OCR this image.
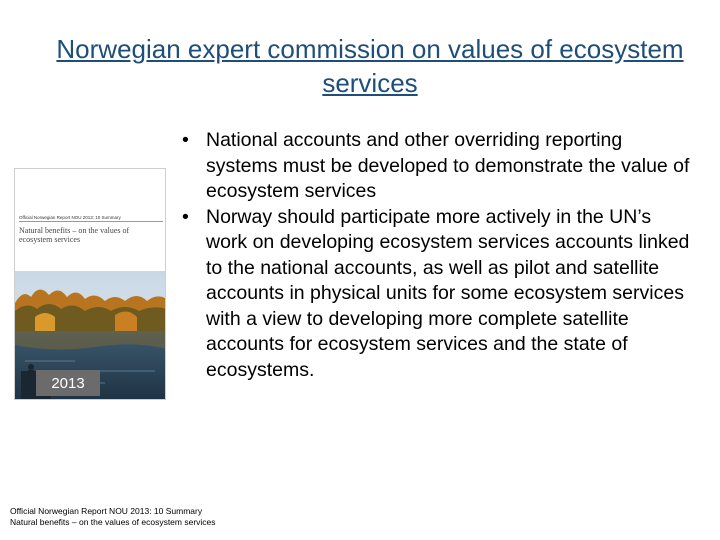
Norwegian expert commission on values of ecosystem services
Official Norwegian Report NOU 2013: 10 Summary
Natural benefits – on the values of ecosystem services
2013
• National accounts and other overriding reporting systems must be developed to demonstrate the value of ecosystem services
• Norway should participate more actively in the UN’s work on developing ecosystem services accounts linked to the national accounts, as well as pilot and satellite accounts in physical units for some ecosystem services with a view to developing more complete satellite accounts for ecosystem services and the state of ecosystems.
Official Norwegian Report NOU 2013: 10 Summary
Natural benefits – on the values of ecosystem services
